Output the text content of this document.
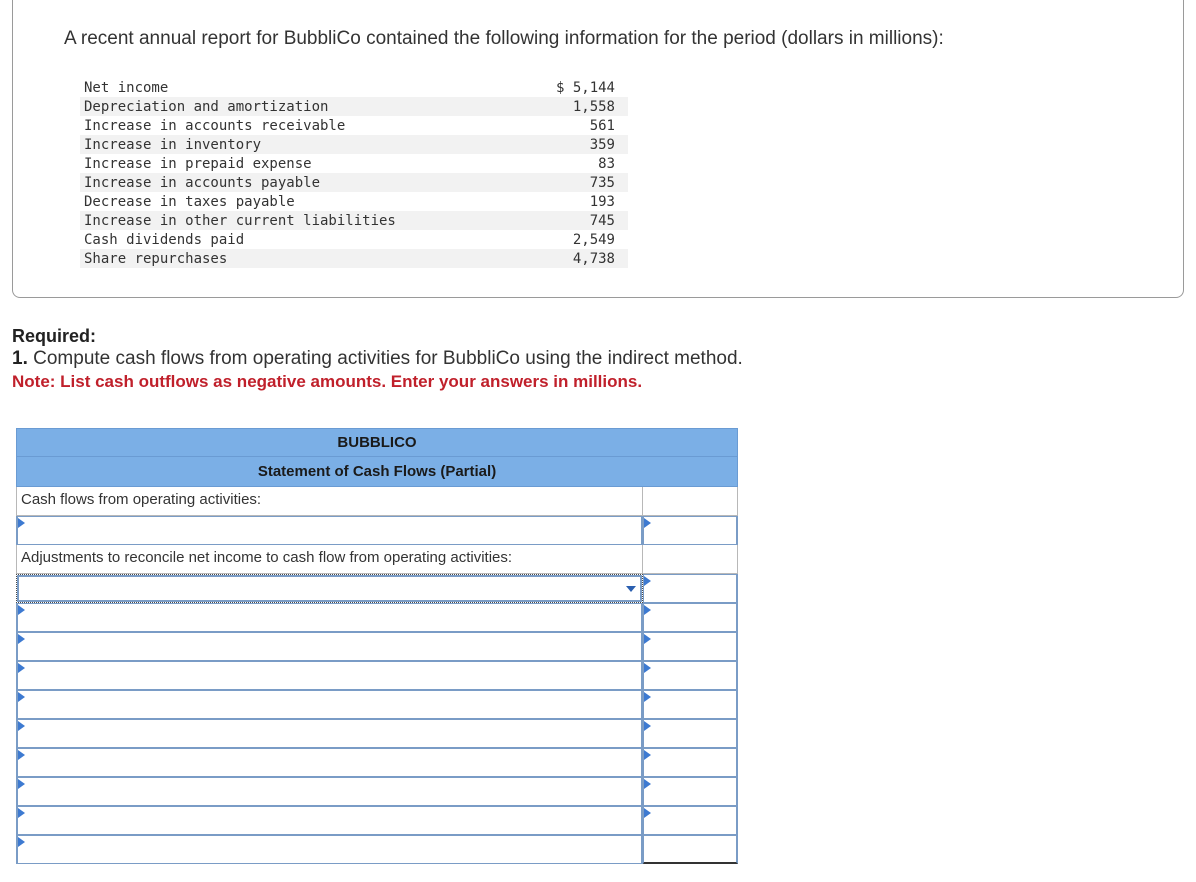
A recent annual report for BubbliCo contained the following information for the period (dollars in millions):
Net income	$ 5,144
Depreciation and amortization	1,558
Increase in accounts receivable	561
Increase in inventory	359
Increase in prepaid expense	83
Increase in accounts payable	735
Decrease in taxes payable	193
Increase in other current liabilities	745
Cash dividends paid	2,549
Share repurchases	4,738
Required:
1. Compute cash flows from operating activities for BubbliCo using the indirect method.
Note: List cash outflows as negative amounts. Enter your answers in millions.
BUBBLICO
Statement of Cash Flows (Partial)
Cash flows from operating activities:
Adjustments to reconcile net income to cash flow from operating activities:
